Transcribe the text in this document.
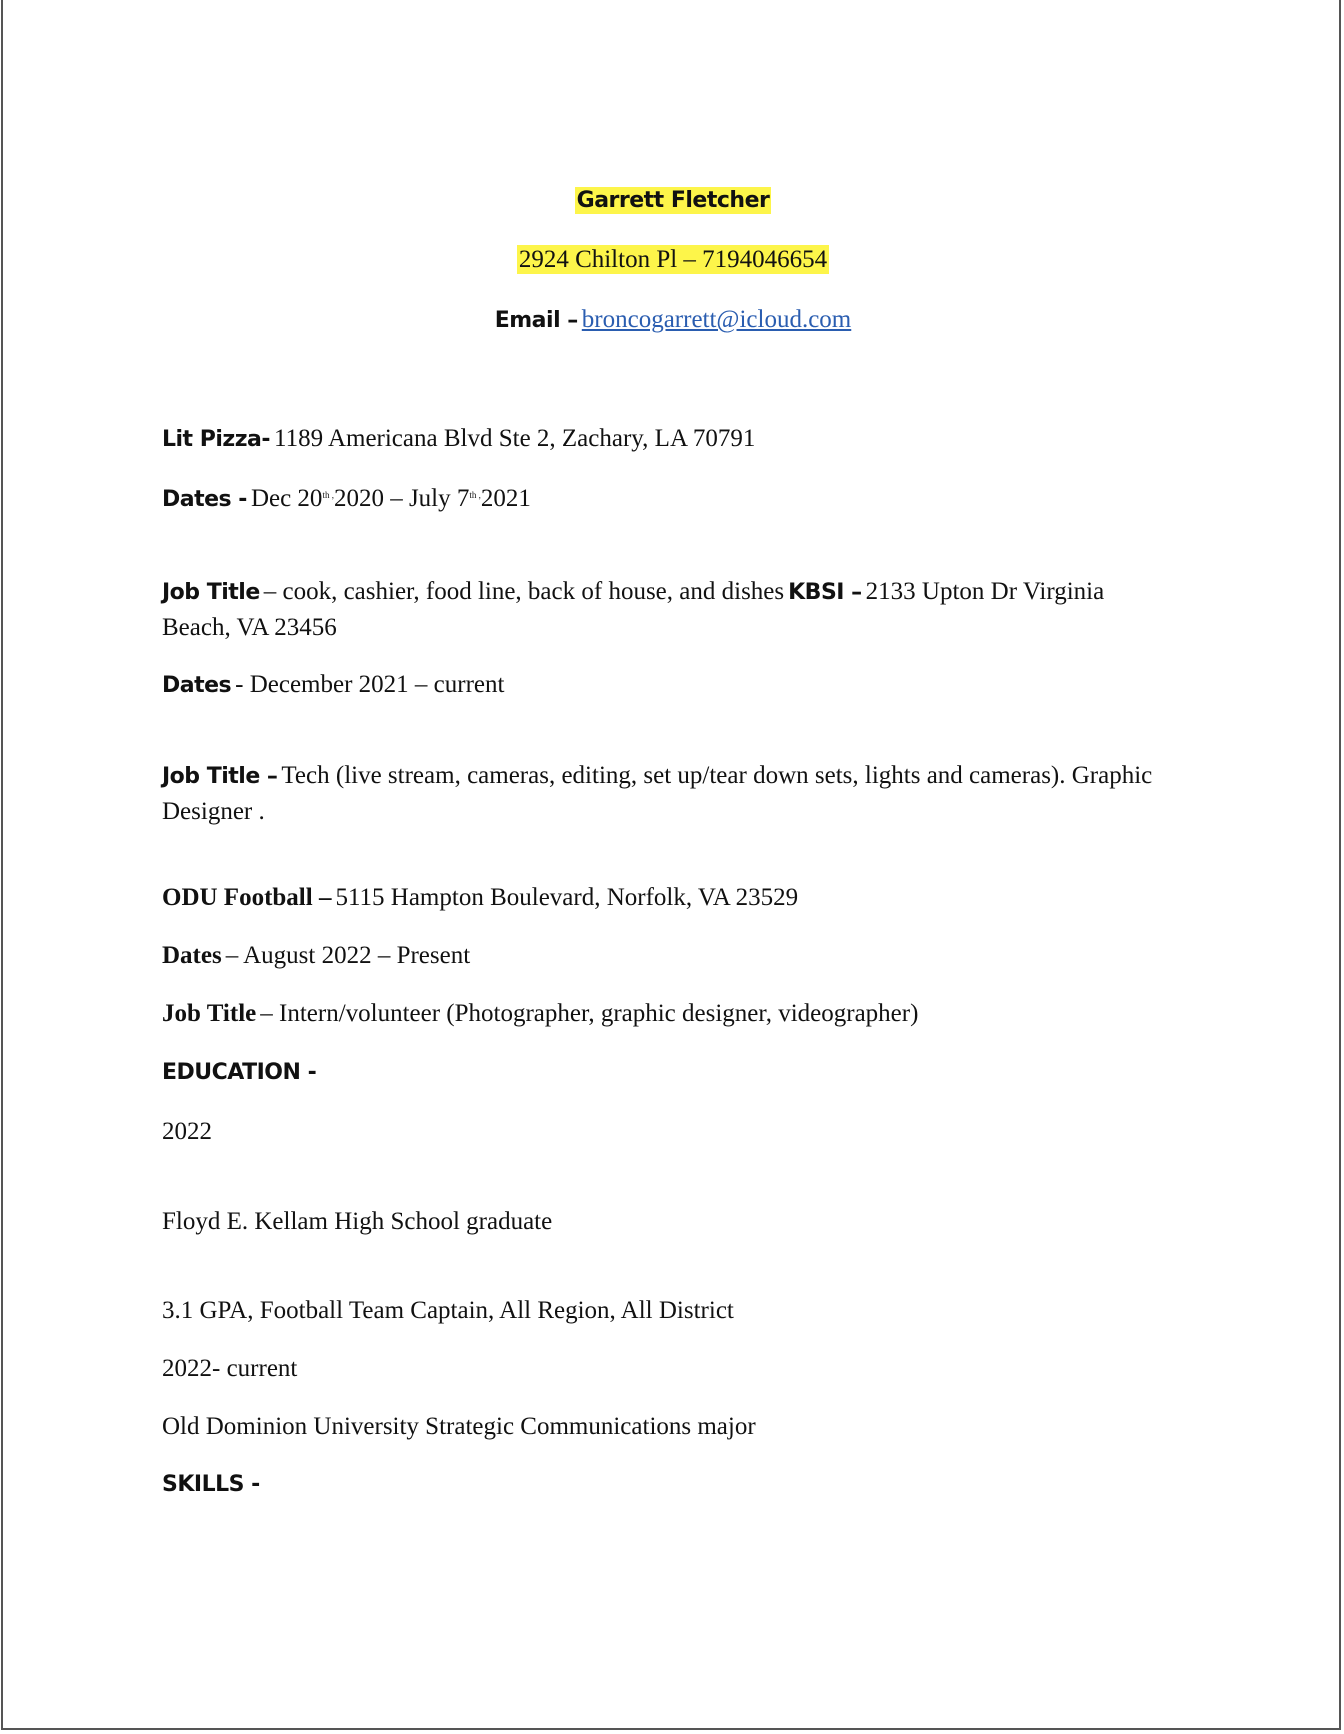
Garrett Fletcher
2924 Chilton Pl – 7194046654
Email – broncogarrett@icloud.com
Lit Pizza- 1189 Americana Blvd Ste 2, Zachary, LA 70791
Dates - Dec $20^{th ,}2020$ – July $7^{th ,}2021$
Job Title – cook, cashier, food line, back of house, and dishes KBSI – 2133 Upton Dr Virginia Beach, VA 23456
Dates - December 2021 – current
Job Title – Tech (live stream, cameras, editing, set up/tear down sets, lights and cameras). Graphic Designer .
ODU Football – 5115 Hampton Boulevard, Norfolk, VA 23529
Dates – August 2022 – Present
Job Title – Intern/volunteer (Photographer, graphic designer, videographer)
EDUCATION -
2022
Floyd E. Kellam High School graduate
3.1 GPA, Football Team Captain, All Region, All District
2022- current
Old Dominion University Strategic Communications major
SKILLS -
